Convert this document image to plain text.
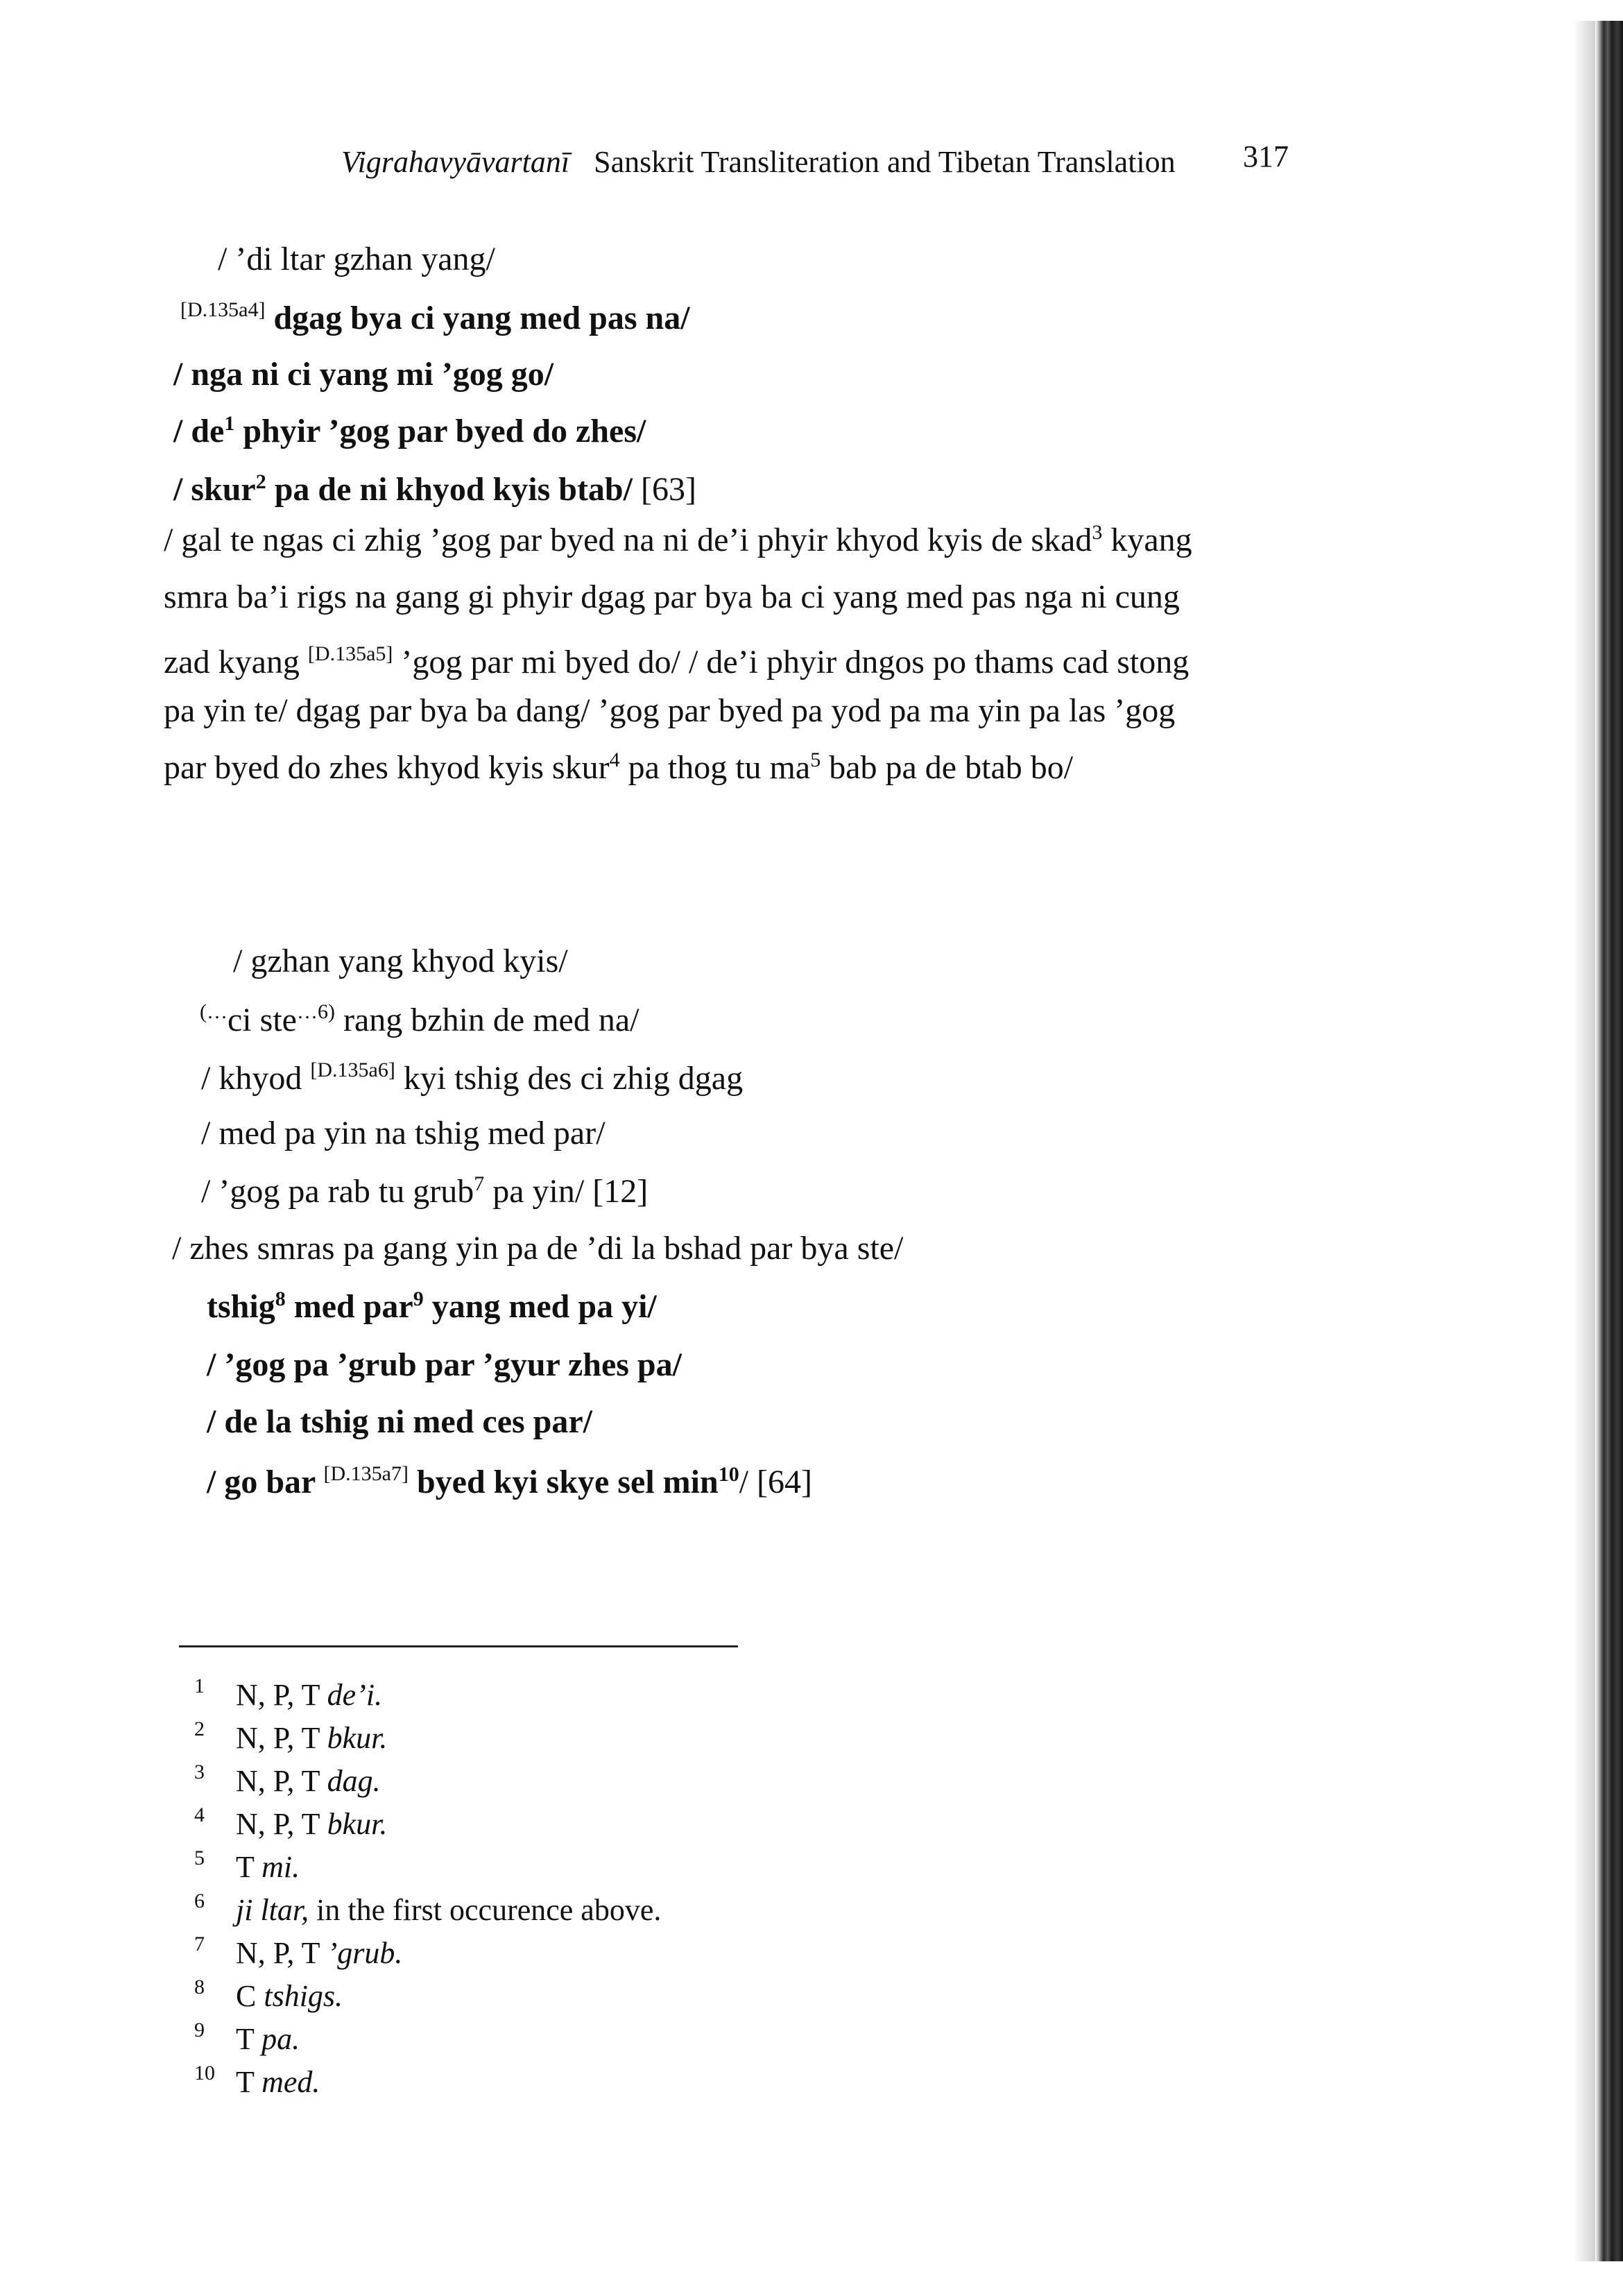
Vigrahavyāvartanī Sanskrit Transliteration and Tibetan Translation 317
/ ’di ltar gzhan yang/
[D.135a4] dgag bya ci yang med pas na/
/ nga ni ci yang mi ’gog go/
/ $de^1$ phyir ’gog par byed do zhes/
/ skur$^2$ pa de ni khyod kyis btab/ [63]
/ gal te ngas ci zhig ’gog par byed na ni de’i phyir khyod kyis de skad$^3$ kyang
smra ba’i rigs na gang gi phyir dgag par bya ba ci yang med pas nga ni cung
zad kyang [D.135a5] ’gog par mi byed do/ / de’i phyir dngos po thams cad stong
pa yin te/ dgag par bya ba dang/ ’gog par byed pa yod pa ma yin pa las ’gog
par byed do zhes khyod kyis skur$^4$ pa thog tu $ma^5$ bab pa de btab bo/
/ gzhan yang khyod kyis/
(…ci ste$^{\dots 6)}$ rang bzhin de med na/
/ khyod [D.135a6] kyi tshig des ci zhig dgag
/ med pa yin na tshig med par/
/ ’gog pa rab tu grub$^7$ pa yin/ [12]
/ zhes smras pa gang yin pa de ’di la bshad par bya ste/
tshig$^8$ med par$^9$ yang med pa yi/
/ ’gog pa ’grub par ’gyur zhes pa/
/ de la tshig ni med ces par/
/ go bar [D.135a7] byed kyi skye sel $\min^{10}/$ [64]
1	N, P, T de’i.
2	N, P, T bkur.
3	N, P, T dag.
4	N, P, T bkur.
5	T mi.
6	ji ltar, in the first occurence above.
7	N, P, T ’grub.
8	C tshigs.
9	T pa.
10 T med.
